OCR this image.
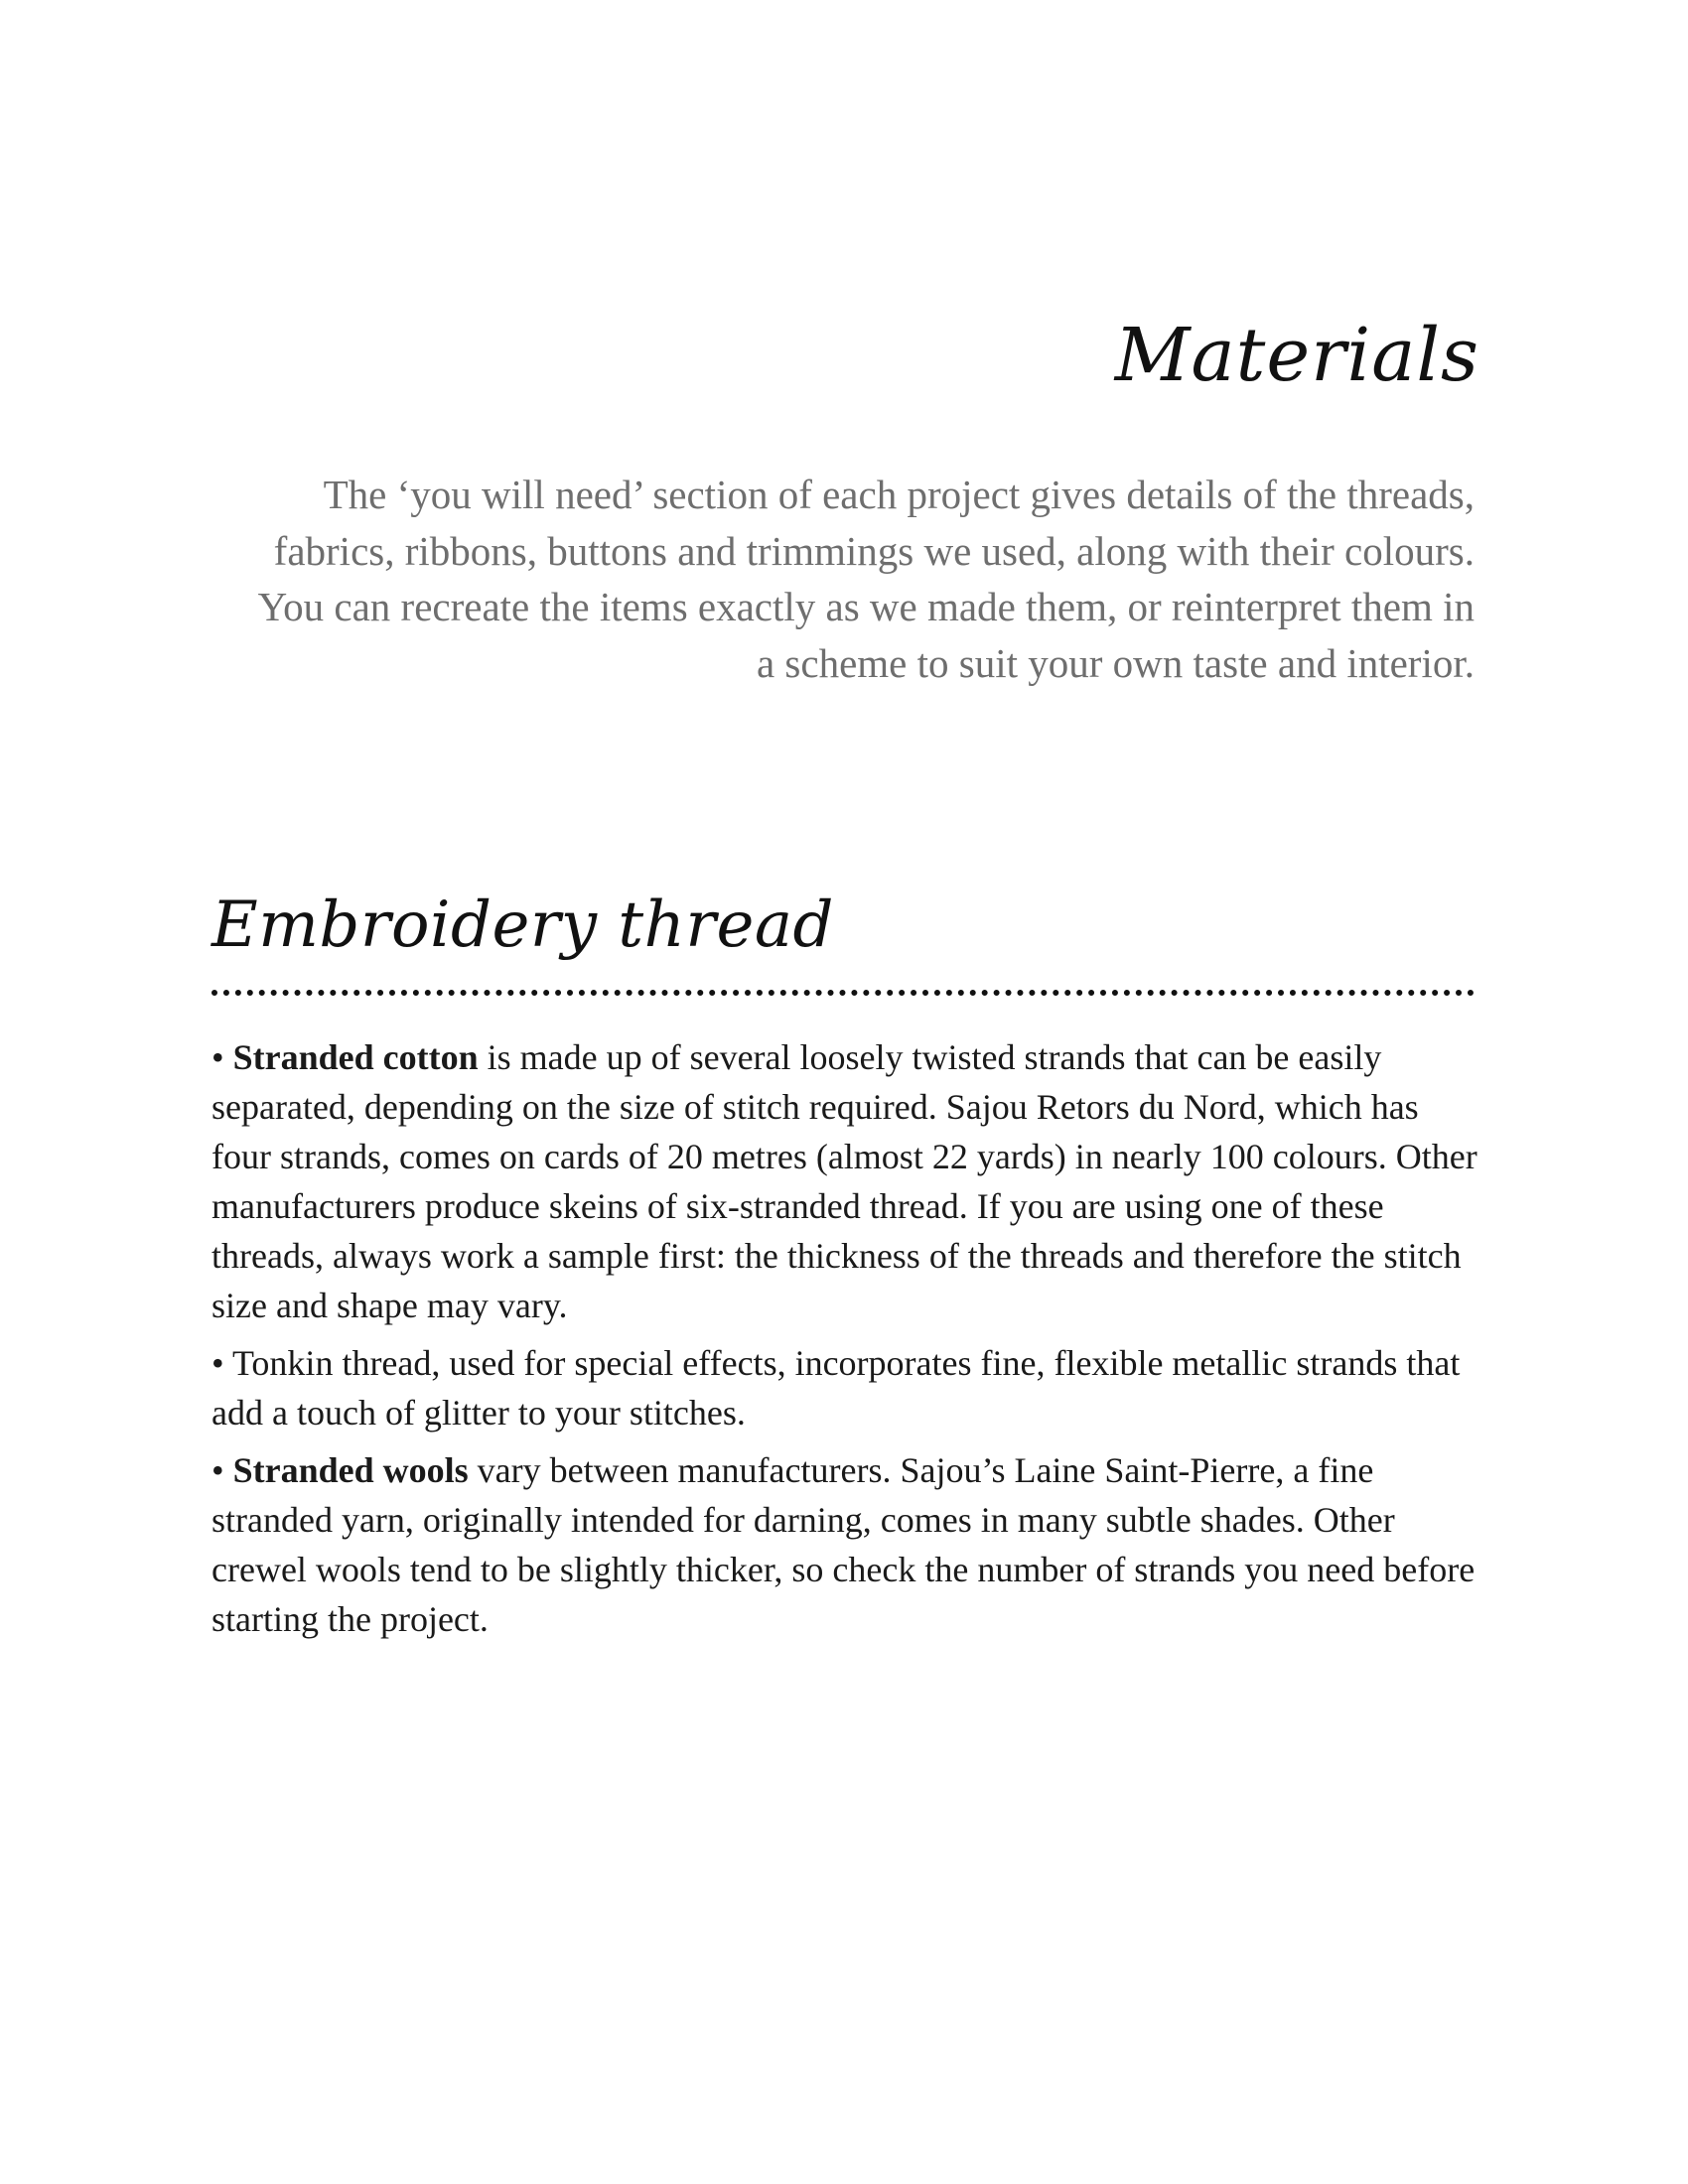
Materials

The ‘you will need’ section of each project gives details of the threads, fabrics, ribbons, buttons and trimmings we used, along with their colours. You can recreate the items exactly as we made them, or reinterpret them in a scheme to suit your own taste and interior.

Embroidery thread

• Stranded cotton is made up of several loosely twisted strands that can be easily separated, depending on the size of stitch required. Sajou Retors du Nord, which has four strands, comes on cards of 20 metres (almost 22 yards) in nearly 100 colours. Other manufacturers produce skeins of six-stranded thread. If you are using one of these threads, always work a sample first: the thickness of the threads and therefore the stitch size and shape may vary.

• Tonkin thread, used for special effects, incorporates fine, flexible metallic strands that add a touch of glitter to your stitches.

• Stranded wools vary between manufacturers. Sajou’s Laine Saint-Pierre, a fine stranded yarn, originally intended for darning, comes in many subtle shades. Other crewel wools tend to be slightly thicker, so check the number of strands you need before starting the project.
